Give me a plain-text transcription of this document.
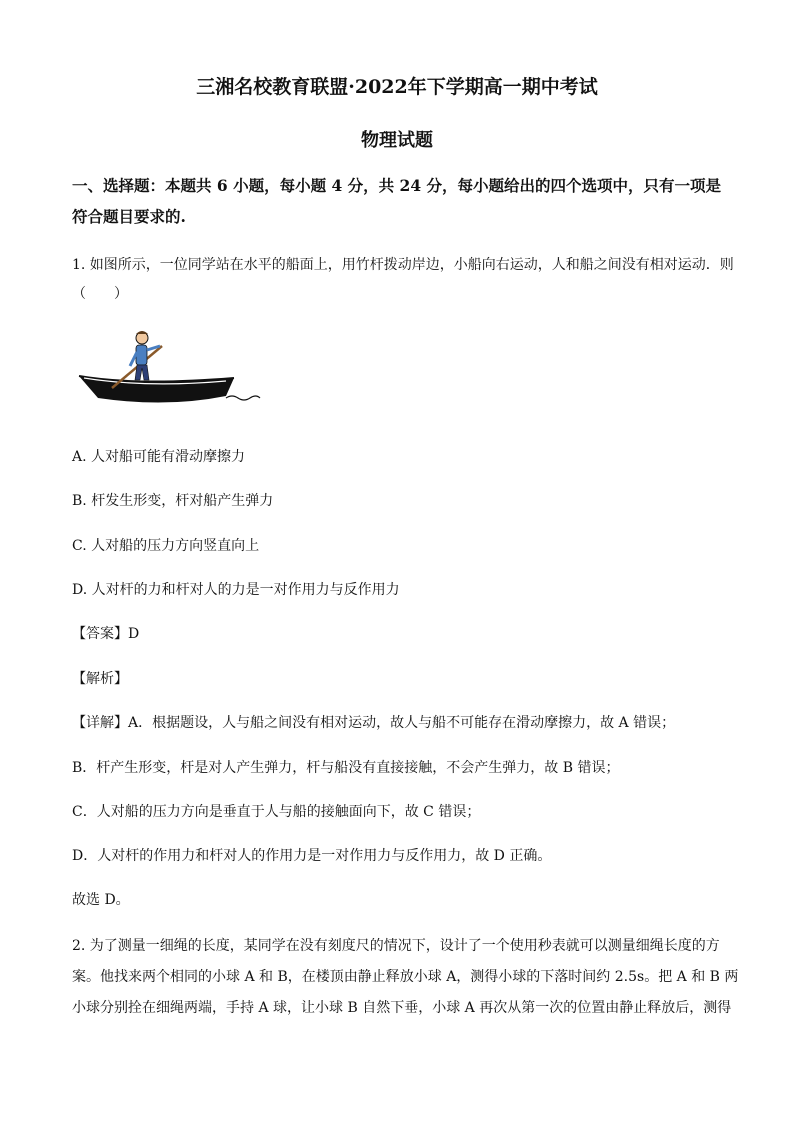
三湘名校教育联盟·2022年下学期高一期中考试
物理试题
一、选择题：本题共 6 小题，每小题 4 分，共 24 分，每小题给出的四个选项中，只有一项是
符合题目要求的.
1. 如图所示，一位同学站在水平的船面上，用竹杆拨动岸边，小船向右运动，人和船之间没有相对运动．则
（　　）
A. 人对船可能有滑动摩擦力
B. 杆发生形变，杆对船产生弹力
C. 人对船的压力方向竖直向上
D. 人对杆的力和杆对人的力是一对作用力与反作用力
【答案】D
【解析】
【详解】A．根据题设，人与船之间没有相对运动，故人与船不可能存在滑动摩擦力，故 A 错误；
B．杆产生形变，杆是对人产生弹力，杆与船没有直接接触，不会产生弹力，故 B 错误；
C．人对船的压力方向是垂直于人与船的接触面向下，故 C 错误；
D．人对杆的作用力和杆对人的作用力是一对作用力与反作用力，故 D 正确。
故选 D。
2. 为了测量一细绳的长度，某同学在没有刻度尺的情况下，设计了一个使用秒表就可以测量细绳长度的方
案。他找来两个相同的小球 A 和 B，在楼顶由静止释放小球 A，测得小球的下落时间约 2.5s。把 A 和 B 两
小球分别拴在细绳两端，手持 A 球，让小球 B 自然下垂，小球 A 再次从第一次的位置由静止释放后，测得
